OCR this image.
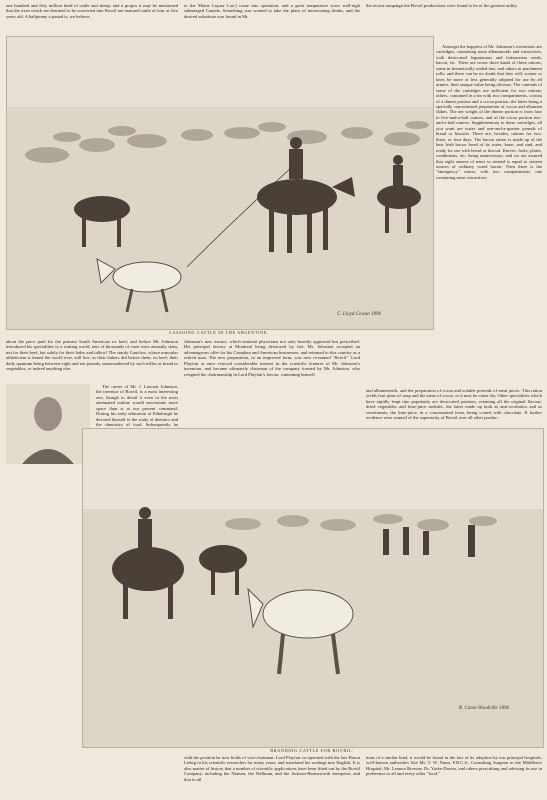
one hundred and fifty million head of cattle and sheep; and à propos it may be mentioned that the oxen which are destined to be converted into Bovril are matured cattle of four or five years old. A halfpenny a pound is, we believe,

to the Maine Liquor Law] come into operation, and a great temperance wave well-nigh submerged Canada. Something was wanted to take the place of intoxicating drinks, and the desired substitute was found in Mr.

the recent campaign the Bovril productions were found to be of the greatest utility.

Amongst the happiest of Mr. Johnston's inventions are cartridges, containing meat albuminoids and extractives, with desiccated leguminous and farinaceous seeds, bacon, etc. There are twoor three kinds of these rations, some in hermetically sealed tins, and others in parchment rolls; and there can be no doubt that they will, sooner or later, be more or less generally adopted for use by all armies, their unique value being obvious. The contents of some of the cartridges are sufficient for two rations; others, contained in a tin with two compartments, consist of a dinner portion and a cocoa portion, the latter being a specially concentrated preparation of cocoa and albumen flakes. The net weight of the dinner portion is from four to five-and-a-half ounces, and of the cocoa portion two-and-a-half ounces. Supplementary to these cartridges, all you want are water and one-and-a-quarter pounds of bread or biscuits. There are, besides, rations for two, three, or four days. The bacon ration is made up of the best Irish bacon freed of its water, bone, and rind, and ready for use with bread or biscuit. Knives, forks, plates, condiments, etc, being unnecessary; and we are assured that eight ounces of meat so treated is equal to sixteen ounces of ordinary cured bacon. Then there is the "emergency" ration, with two compartments, one containing meat extractives

C. Lloyd Cowan 1896
LASSOING CATTLE IN THE ARGENTINE.

about the price paid for the primest South American ox beef; and before Mr. Johnston introduced his specialities to a waiting world, tens of thousands of oxen were annually slain, not for their beef, but solely for their hides and tallow! The sturdy Gauchos, whose muscular athleticism is famed the world over, still live, as their fathers did before them, on beef; their daily quantum being between eight and ten pounds, unencumbered by such trifles as bread or vegetables, or indeed anything else.

The career of Mr. J. Lawson Johnston, the inventor of Bovril, is a most interesting one, though to detail it even in the most attenuated outline would necessitate more space than is at our present command. During his early education at Edinburgh he devoted himself to the study of dietetics and the chemistry of food. Subsequently he

Johnston's new extract, which eminent physicians not only heartily approved but prescribed. His principal factory at Montreal being destroyed by fire, Mr. Johnston accepted an advantageous offer for his Canadian and American businesses, and returned to this country as a retired man. The new preparation, in an improved form, was now re-named "Bovril." Lord Playfair at once evinced considerable interest in the scientific features of Mr. Johnston's invention, and became ultimately chairman of the company formed by Mr. Johnston, who resigned the chairmanship in Lord Playfair's favour, contenting himself

and albumenoids, and the preparation of cocoa and soluble proteids of meat juices. This ration yields four pints of soup and the same of cocoa, or it may be eaten dry. Other specialities which have rapidly leapt into popularity are desiccated potatoes, retaining all the original flavour; dried vegetables and lime-juice nodules, the latter made up both as anti-scorbutics and as sweetmeats, the lime-juice, in a concentrated form, being coated with chocolate. If further evidence were wanted of the superiority of Bovril over all other produc-

R. Caton Woodville 1896
BRANDING CATTLE FOR BOVRIL.

with the position he now holds of vice-chairman. Lord Playfair co-operated with the late Baron Liebig in his scientific researches for many years, and translated his writings into English. It is also matter of history that a number of scientific applications have been fitted out by the Bovril Company, including the Nansen, the Wellman, and the Jackson-Harmsworth enterprise; and that in all

tions of a similar kind, it would be found in the fact of its adoption by our principal hospitals; well-known authorities like Mr. T. W. Nunn, F.R.C.S., Consulting Surgeon to the Middlesex Hospital; Mr. Lennox Browne, Dr. Yorke-Davies, and others prescribing and advising its use in preference to all and every other "food."
